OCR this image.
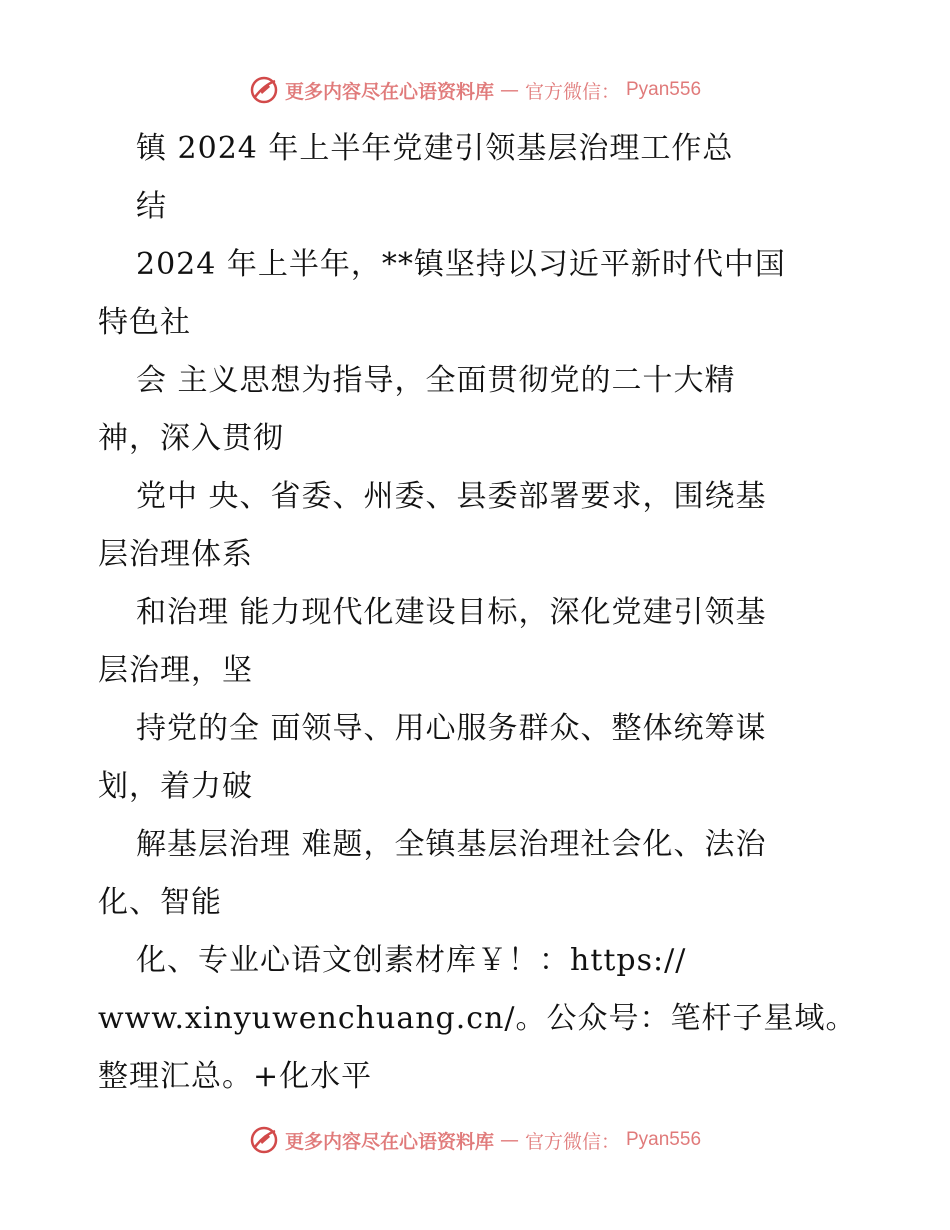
更多内容尽在心语资料库 — 官方微信： Pyan556
镇 2024 年上半年党建引领基层治理工作总
结
2024 年上半年，**镇坚持以习近平新时代中国
特色社
会 主义思想为指导，全面贯彻党的二十大精
神，深入贯彻
党中 央、省委、州委、县委部署要求，围绕基
层治理体系
和治理 能力现代化建设目标，深化党建引领基
层治理，坚
持党的全 面领导、用心服务群众、整体统筹谋
划，着力破
解基层治理 难题，全镇基层治理社会化、法治
化、智能
化、专业心语文创素材库￥！：https://
www.xinyuwenchuang.cn/。公众号：笔杆子星域。
整理汇总。+化水平
更多内容尽在心语资料库 — 官方微信： Pyan556
